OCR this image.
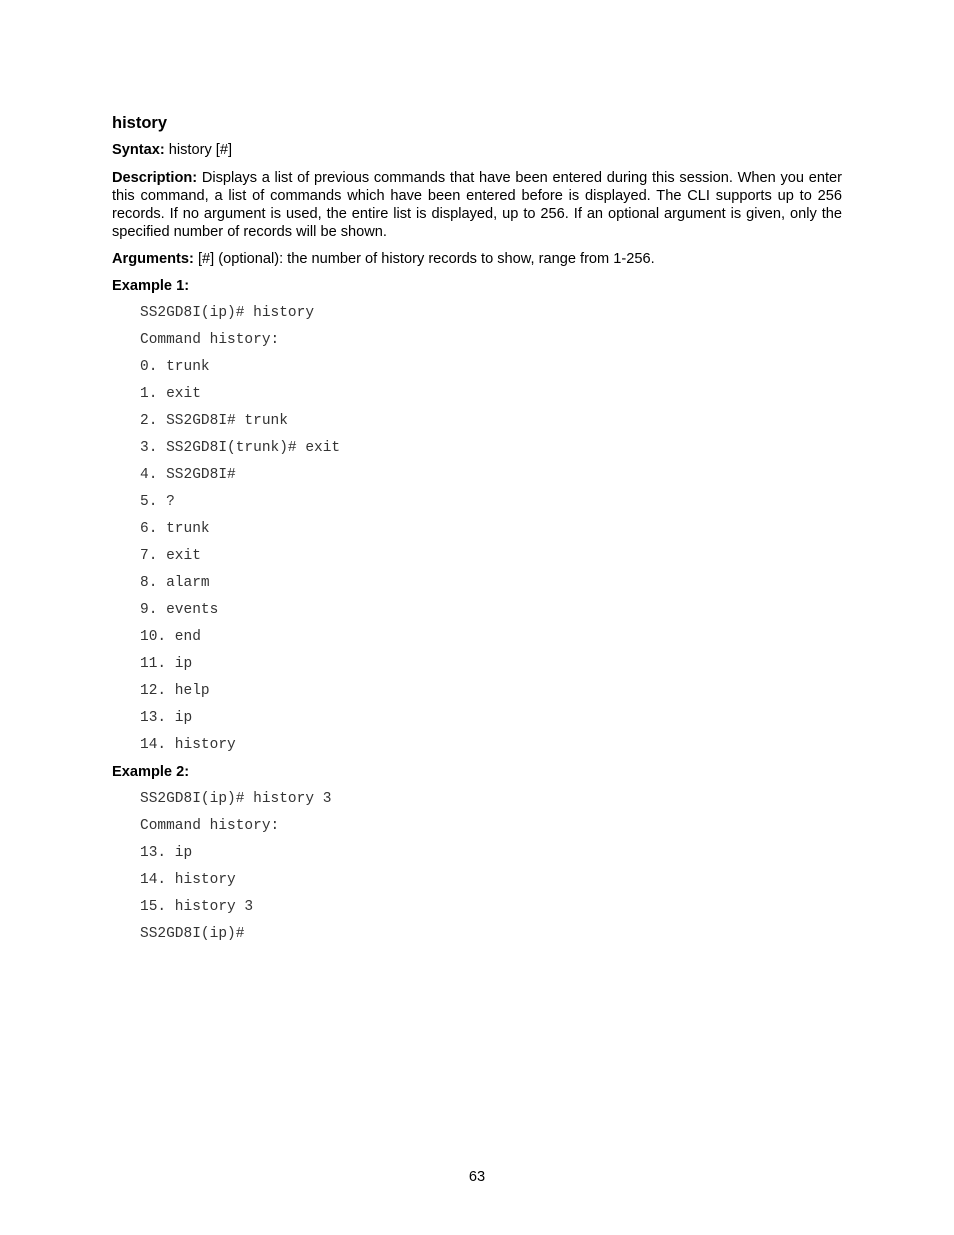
history
Syntax: history [#]
Description: Displays a list of previous commands that have been entered during this session. When you enter this command, a list of commands which have been entered before is displayed. The CLI supports up to 256 records. If no argument is used, the entire list is displayed, up to 256. If an optional argument is given, only the specified number of records will be shown.
Arguments: [#] (optional): the number of history records to show, range from 1-256.
Example 1:
SS2GD8I(ip)# history
Command history:
0. trunk
1. exit
2. SS2GD8I# trunk
3. SS2GD8I(trunk)# exit
4. SS2GD8I#
5. ?
6. trunk
7. exit
8. alarm
9. events
10. end
11. ip
12. help
13. ip
14. history
Example 2:
SS2GD8I(ip)# history 3
Command history:
13. ip
14. history
15. history 3
SS2GD8I(ip)#
63
